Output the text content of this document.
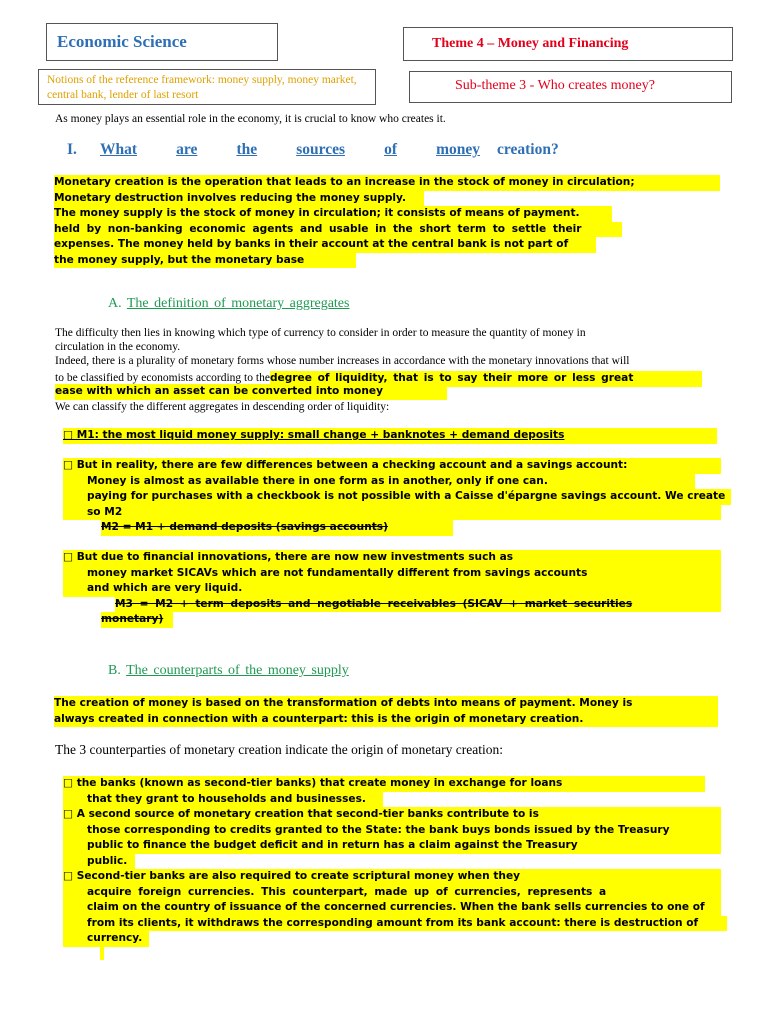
Economic Science	Theme 4 – Money and Financing
Notions of the reference framework: money supply, money market, central bank, lender of last resort
Sub-theme 3 - Who creates money?
As money plays an essential role in the economy, it is crucial to know who creates it.
I. What	are	the	sources	of	money creation?
Monetary creation is the operation that leads to an increase in the stock of money in circulation;
Monetary destruction involves reducing the money supply.
The money supply is the stock of money in circulation; it consists of means of payment.
held by non-banking economic agents and usable in the short term to settle their
expenses. The money held by banks in their account at the central bank is not part of
the money supply, but the monetary base
A. The definition of monetary aggregates
The difficulty then lies in knowing which type of currency to consider in order to measure the quantity of money in
circulation in the economy.
Indeed, there is a plurality of monetary forms whose number increases in accordance with the monetary innovations that will
to be classified by economists according to thedegree of liquidity, that is to say their more or less great
ease with which an asset can be converted into money
We can classify the different aggregates in descending order of liquidity:
□ M1: the most liquid money supply: small change + banknotes + demand deposits
□ But in reality, there are few differences between a checking account and a savings account:
Money is almost as available there in one form as in another, only if one can.
paying for purchases with a checkbook is not possible with a Caisse d'épargne savings account. We create
so M2
M2 = M1 + demand deposits (savings accounts)
□ But due to financial innovations, there are now new investments such as
money market SICAVs which are not fundamentally different from savings accounts
and which are very liquid.
M3 = M2 + term deposits and negotiable receivables (SICAV + market securities
monetary)
B. The counterparts of the money supply
The creation of money is based on the transformation of debts into means of payment. Money is
always created in connection with a counterpart: this is the origin of monetary creation.
The 3 counterparties of monetary creation indicate the origin of monetary creation:
□ the banks (known as second-tier banks) that create money in exchange for loans
that they grant to households and businesses.
□ A second source of monetary creation that second-tier banks contribute to is
those corresponding to credits granted to the State: the bank buys bonds issued by the Treasury
public to finance the budget deficit and in return has a claim against the Treasury
public.
□ Second-tier banks are also required to create scriptural money when they
acquire foreign currencies. This counterpart, made up of currencies, represents a
claim on the country of issuance of the concerned currencies. When the bank sells currencies to one of
from its clients, it withdraws the corresponding amount from its bank account: there is destruction of
currency.
